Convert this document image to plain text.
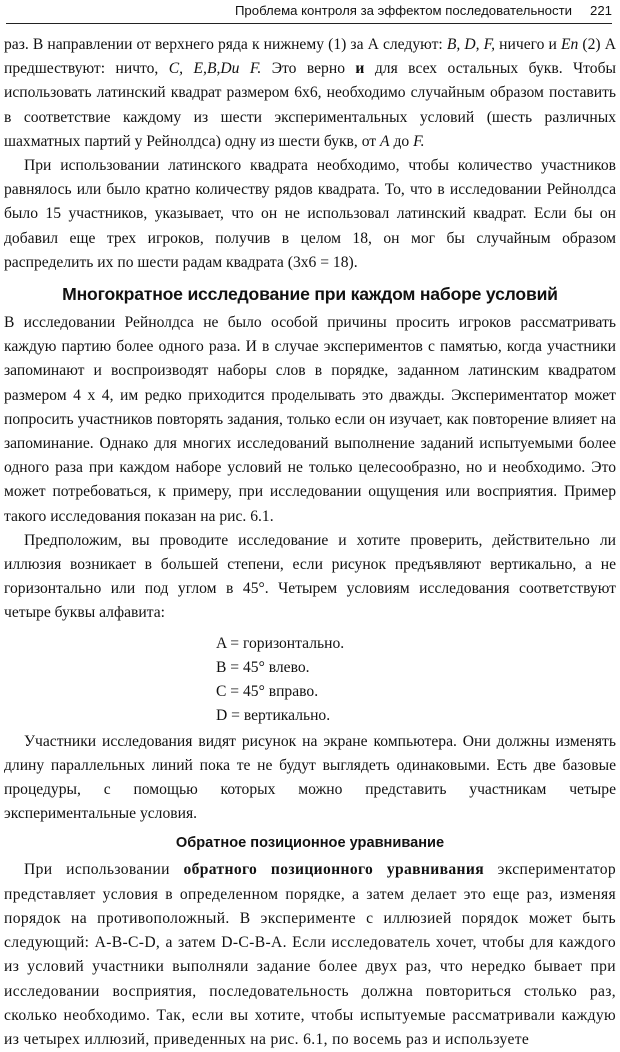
Проблема контроля за эффектом последовательности 221

раз. В направлении от верхнего ряда к нижнему (1) за А следуют: B, D, F, ничего и En (2) А предшествуют: ничто, C, E,B,Du F. Это верно и для всех остальных букв. Чтобы использовать латинский квадрат размером 6x6, необходимо случайным образом поставить в соответствие каждому из шести экспериментальных условий (шесть различных шахматных партий у Рейнолдса) одну из шести букв, от A до F.

При использовании латинского квадрата необходимо, чтобы количество участников равнялось или было кратно количеству рядов квадрата. То, что в исследовании Рейнолдса было 15 участников, указывает, что он не использовал латинский квадрат. Если бы он добавил еще трех игроков, получив в целом 18, он мог бы случайным образом распределить их по шести радам квадрата (3x6 = 18).

Многократное исследование при каждом наборе условий

В исследовании Рейнолдса не было особой причины просить игроков рассматривать каждую партию более одного раза. И в случае экспериментов с памятью, когда участники запоминают и воспроизводят наборы слов в порядке, заданном латинским квадратом размером 4 x 4, им редко приходится проделывать это дважды. Экспериментатор может попросить участников повторять задания, только если он изучает, как повторение влияет на запоминание. Однако для многих исследований выполнение заданий испытуемыми более одного раза при каждом наборе условий не только целесообразно, но и необходимо. Это может потребоваться, к примеру, при исследовании ощущения или восприятия. Пример такого исследования показан на рис. 6.1.

Предположим, вы проводите исследование и хотите проверить, действительно ли иллюзия возникает в большей степени, если рисунок предъявляют вертикально, а не горизонтально или под углом в 45°. Четырем условиям исследования соответствуют четыре буквы алфавита:

A = горизонтально.
B = 45° влево.
C = 45° вправо.
D = вертикально.

Участники исследования видят рисунок на экране компьютера. Они должны изменять длину параллельных линий пока те не будут выглядеть одинаковыми. Есть две базовые процедуры, с помощью которых можно представить участникам четыре экспериментальные условия.

Обратное позиционное уравнивание

При использовании обратного позиционного уравнивания экспериментатор представляет условия в определенном порядке, а затем делает это еще раз, изменяя порядок на противоположный. В эксперименте с иллюзией порядок может быть следующий: A-B-C-D, а затем D-C-B-A. Если исследователь хочет, чтобы для каждого из условий участники выполняли задание более двух раз, что нередко бывает при исследовании восприятия, последовательность должна повториться столько раз, сколько необходимо. Так, если вы хотите, чтобы испытуемые рассматривали каждую из четырех иллюзий, приведенных на рис. 6.1, по восемь раз и используете
